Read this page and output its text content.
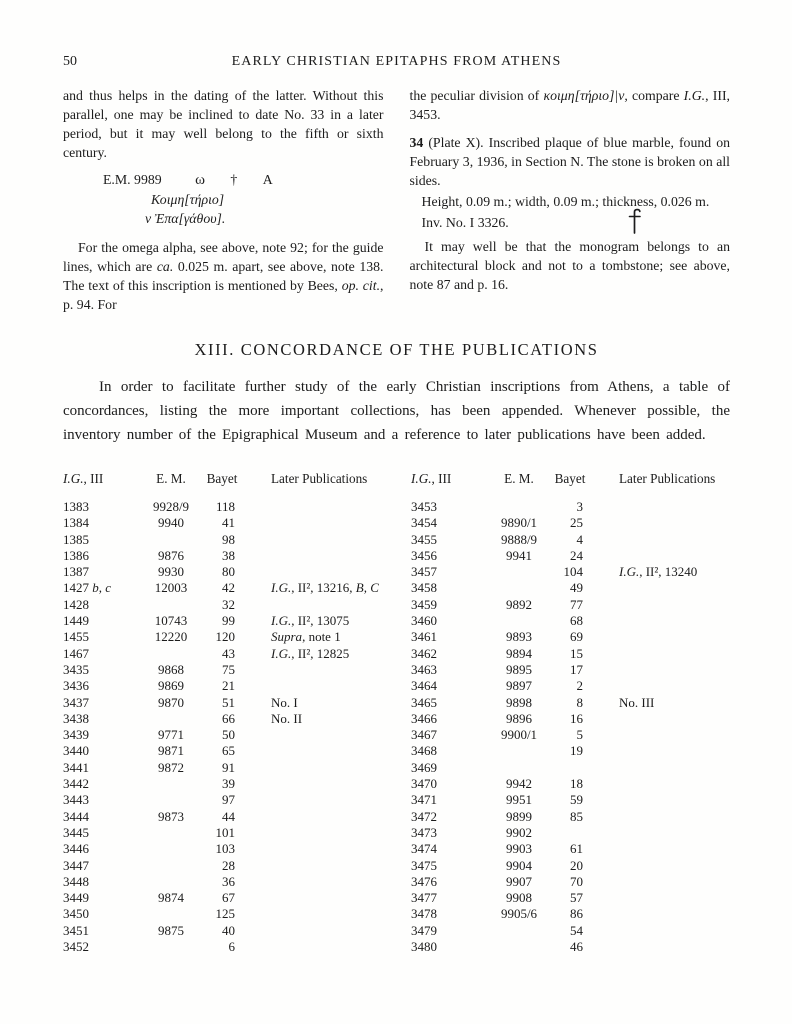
50	EARLY CHRISTIAN EPITAPHS FROM ATHENS

and thus helps in the dating of the latter. Without this parallel, one may be inclined to date No. 33 in a later period, but it may well belong to the fifth or sixth century.

E.M. 9989 ω † A
Κοιμη[τήριο]
ν Ἐπα[γάθου].

For the omega alpha, see above, note 92; for the guide lines, which are ca. 0.025 m. apart, see above, note 138. The text of this inscription is mentioned by Bees, op. cit., p. 94. For

the peculiar division of κοιμη[τήριο]|ν, compare I.G., III, 3453.

34 (Plate X). Inscribed plaque of blue marble, found on February 3, 1936, in Section N. The stone is broken on all sides.

Height, 0.09 m.; width, 0.09 m.; thickness, 0.026 m.

Inv. No. I 3326.

It may well be that the monogram belongs to an architectural block and not to a tombstone; see above, note 87 and p. 16.

XIII. CONCORDANCE OF THE PUBLICATIONS

In order to facilitate further study of the early Christian inscriptions from Athens, a table of concordances, listing the more important collections, has been appended. Whenever possible, the inventory number of the Epigraphical Museum and a reference to later publications have been added.

I.G., III	E. M.	Bayet	Later Publications
1383	9928/9	118	
1384	9940	41	
1385		98	
1386	9876	38	
1387	9930	80	
1427 b, c	12003	42	I.G., II², 13216, B, C
1428		32	
1449	10743	99	I.G., II², 13075
1455	12220	120	Supra, note 1
1467		43	I.G., II², 12825
3435	9868	75	
3436	9869	21	
3437	9870	51	No. I
3438		66	No. II
3439	9771	50	
3440	9871	65	
3441	9872	91	
3442		39	
3443		97	
3444	9873	44	
3445		101	
3446		103	
3447		28	
3448		36	
3449	9874	67	
3450		125	
3451	9875	40	
3452		6	
I.G., III	E. M.	Bayet	Later Publications
3453		3	
3454	9890/1	25	
3455	9888/9	4	
3456	9941	24	
3457		104	I.G., II², 13240
3458		49	
3459	9892	77	
3460		68	
3461	9893	69	
3462	9894	15	
3463	9895	17	
3464	9897	2	
3465	9898	8	No. III
3466	9896	16	
3467	9900/1	5	
3468		19	
3469			
3470	9942	18	
3471	9951	59	
3472	9899	85	
3473	9902		
3474	9903	61	
3475	9904	20	
3476	9907	70	
3477	9908	57	
3478	9905/6	86	
3479		54	
3480		46	
